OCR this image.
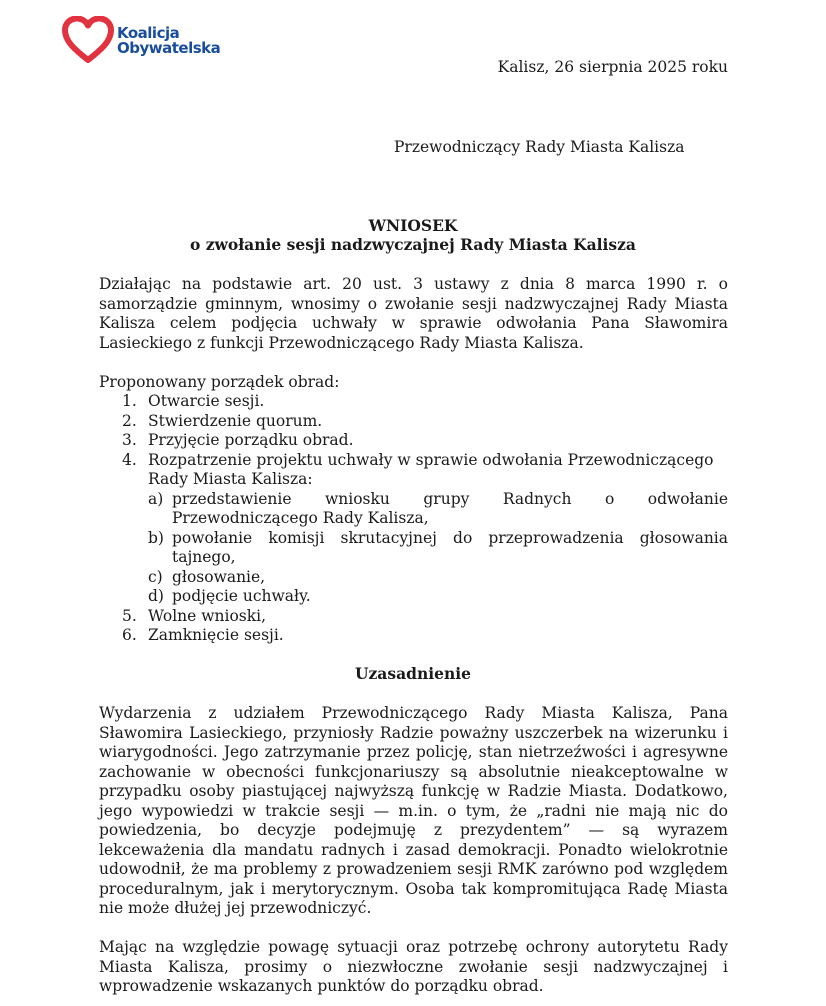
Koalicja
Obywatelska
Kalisz, 26 sierpnia 2025 roku
Przewodniczący Rady Miasta Kalisza
WNIOSEK
o zwołanie sesji nadzwyczajnej Rady Miasta Kalisza
Działając na podstawie art. 20 ust. 3 ustawy z dnia 8 marca 1990 r. o samorządzie gminnym, wnosimy o zwołanie sesji nadzwyczajnej Rady Miasta Kalisza celem podjęcia uchwały w sprawie odwołania Pana Sławomira Lasieckiego z funkcji Przewodniczącego Rady Miasta Kalisza.
Proponowany porządek obrad:
1. Otwarcie sesji.
2. Stwierdzenie quorum.
3. Przyjęcie porządku obrad.
4. Rozpatrzenie projektu uchwały w sprawie odwołania Przewodniczącego Rady Miasta Kalisza:
a) przedstawienie wniosku grupy Radnych o odwołanie Przewodniczącego Rady Kalisza,
b) powołanie komisji skrutacyjnej do przeprowadzenia głosowania tajnego,
c) głosowanie,
d) podjęcie uchwały.
5. Wolne wnioski,
6. Zamknięcie sesji.
Uzasadnienie
Wydarzenia z udziałem Przewodniczącego Rady Miasta Kalisza, Pana Sławomira Lasieckiego, przyniosły Radzie poważny uszczerbek na wizerunku i wiarygodności. Jego zatrzymanie przez policję, stan nietrzeźwości i agresywne zachowanie w obecności funkcjonariuszy są absolutnie nieakceptowalne w przypadku osoby piastującej najwyższą funkcję w Radzie Miasta. Dodatkowo, jego wypowiedzi w trakcie sesji — m.in. o tym, że „radni nie mają nic do powiedzenia, bo decyzje podejmuję z prezydentem” — są wyrazem lekceważenia dla mandatu radnych i zasad demokracji. Ponadto wielokrotnie udowodnił, że ma problemy z prowadzeniem sesji RMK zarówno pod względem proceduralnym, jak i merytorycznym. Osoba tak kompromitująca Radę Miasta nie może dłużej jej przewodniczyć.
Mając na względzie powagę sytuacji oraz potrzebę ochrony autorytetu Rady Miasta Kalisza, prosimy o niezwłoczne zwołanie sesji nadzwyczajnej i wprowadzenie wskazanych punktów do porządku obrad.
